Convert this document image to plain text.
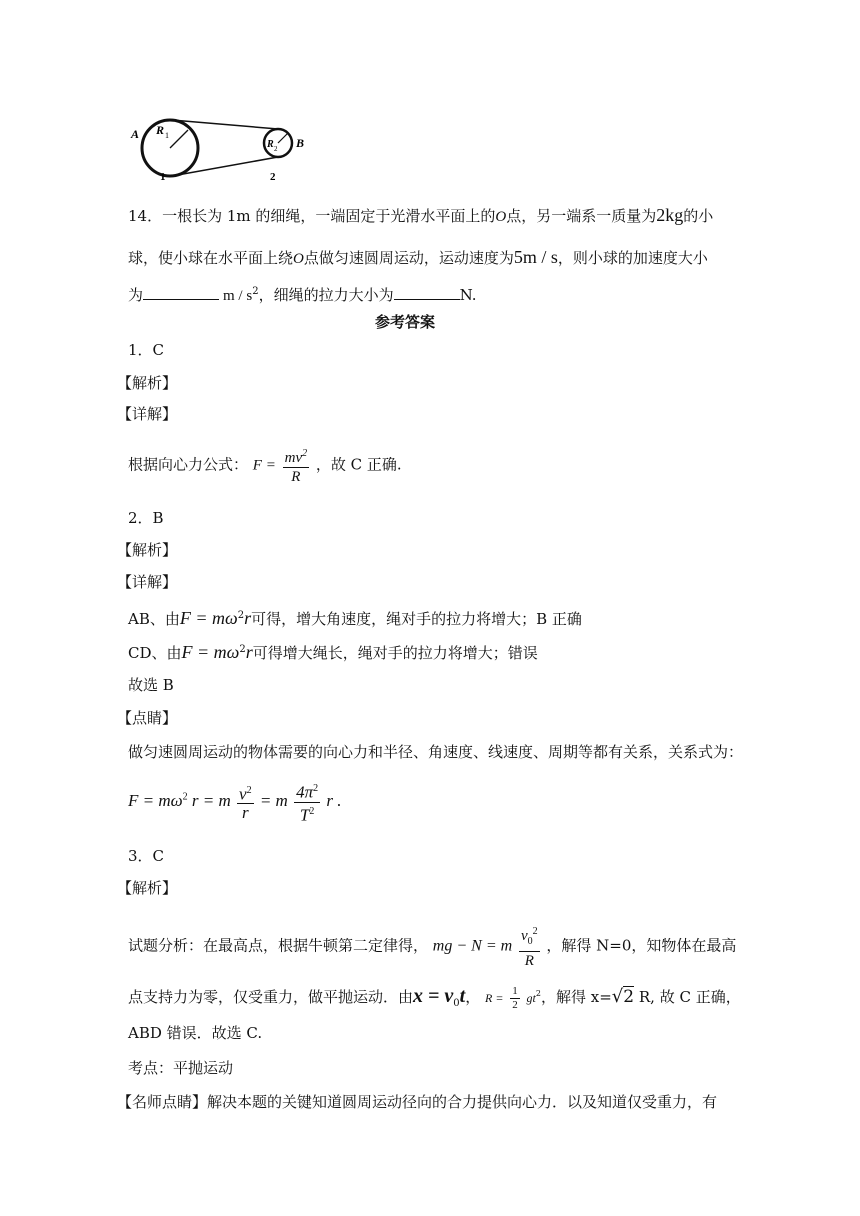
A R 1
R 2 B
1	2
14．一根长为 1m 的细绳，一端固定于光滑水平面上的O点，另一端系一质量为2kg的小
球，使小球在水平面上绕O点做匀速圆周运动，运动速度为5m / s，则小球的加速度大小
为	m / $s^2$，细绳的拉力大小为	N.
参考答案
1．C
【解析】
【详解】
根据向心力公式： $F = \frac{mv^2}{R}$ ，故 C 正确.
2．B
【解析】
【详解】
AB、由$F = m\omega^2r$可得，增大角速度，绳对手的拉力将增大；B 正确
CD、由$F = m\omega^2r$可得增大绳长，绳对手的拉力将增大；错误
故选 B
【点睛】
做匀速圆周运动的物体需要的向心力和半径、角速度、线速度、周期等都有关系，关系式为：
$F = m\omega^2$ r = m $\frac{v^2}{r} = m \frac{4\pi^2}{T^2}$ r .
3．C
【解析】
试题分析：在最高点，根据牛顿第二定律得， mg − N = m $\frac{v_0^2}{R}$ ，解得 N=0，知物体在最高
点支持力为零，仅受重力，做平抛运动．由$x = v_0t$， $R = \frac{1}{2} gt^2$，解得 x=√2 R, 故 C 正确，
ABD 错误．故选 C.
考点：平抛运动
【名师点睛】解决本题的关键知道圆周运动径向的合力提供向心力．以及知道仅受重力，有
